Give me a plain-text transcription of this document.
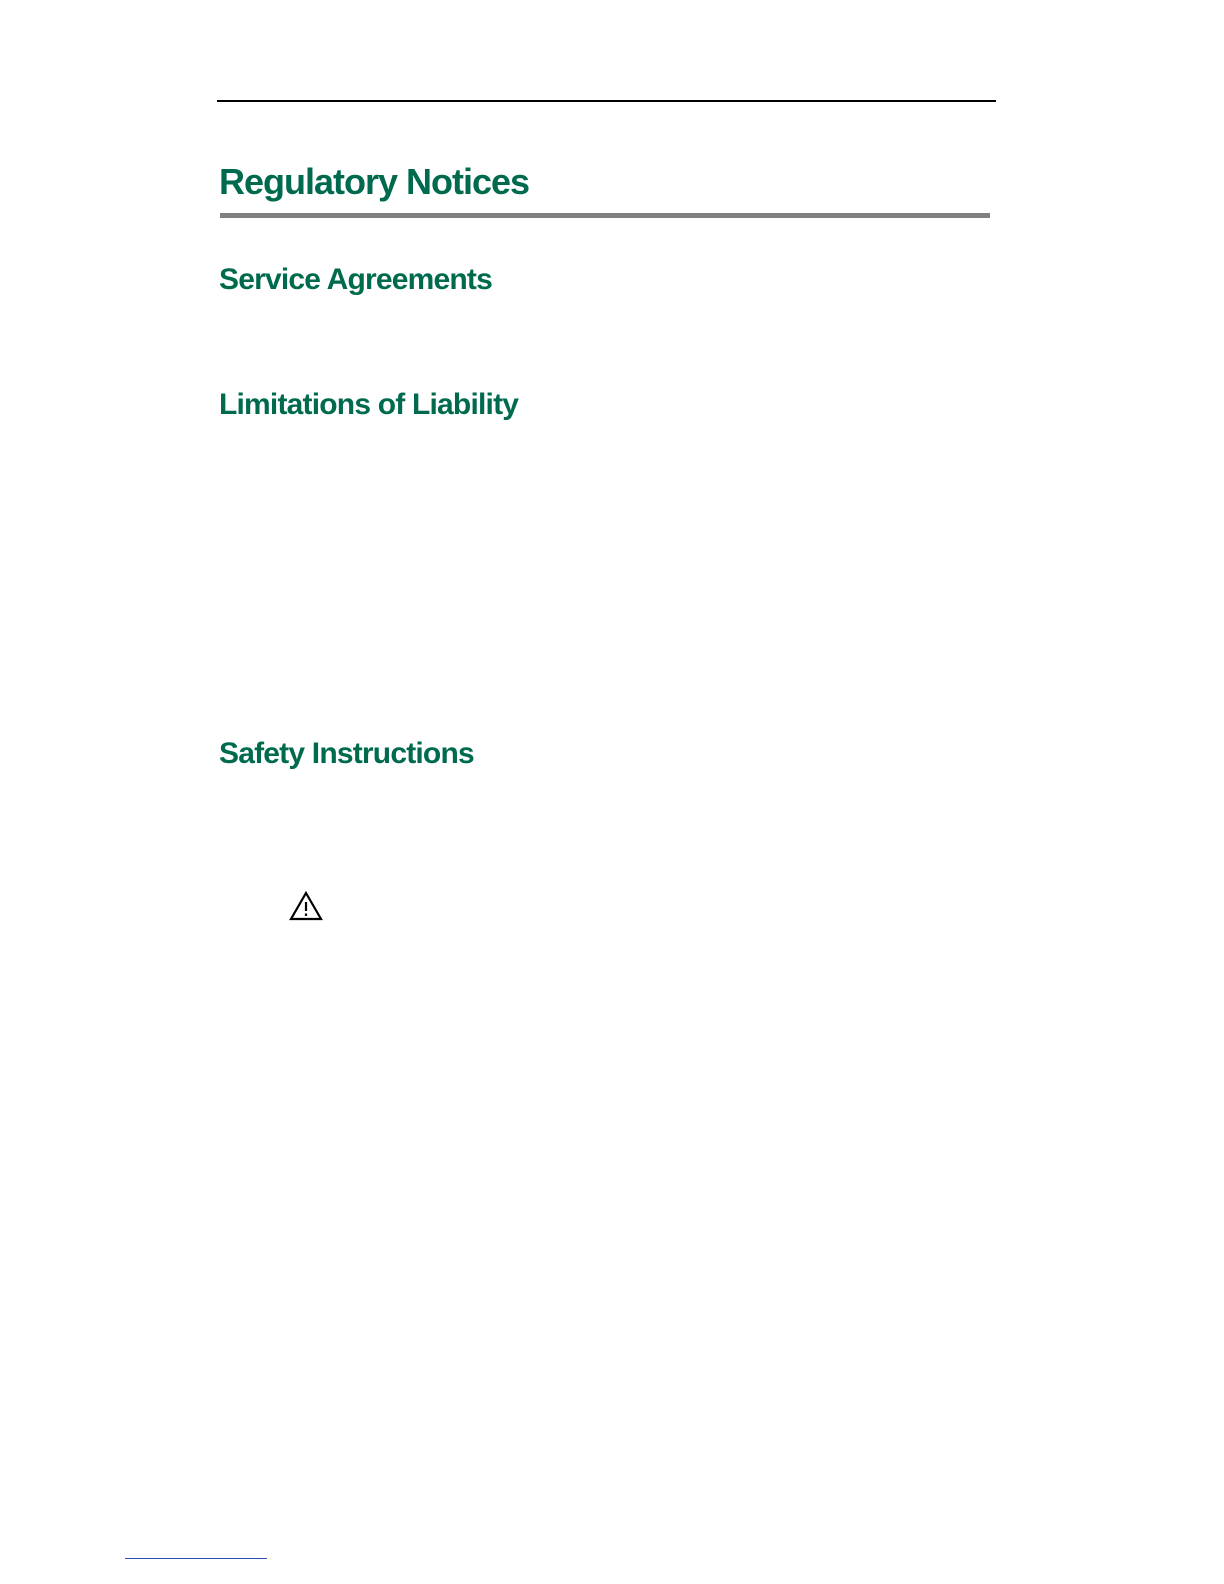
Regulatory Notices
Service Agreements
Limitations of Liability
Safety Instructions
